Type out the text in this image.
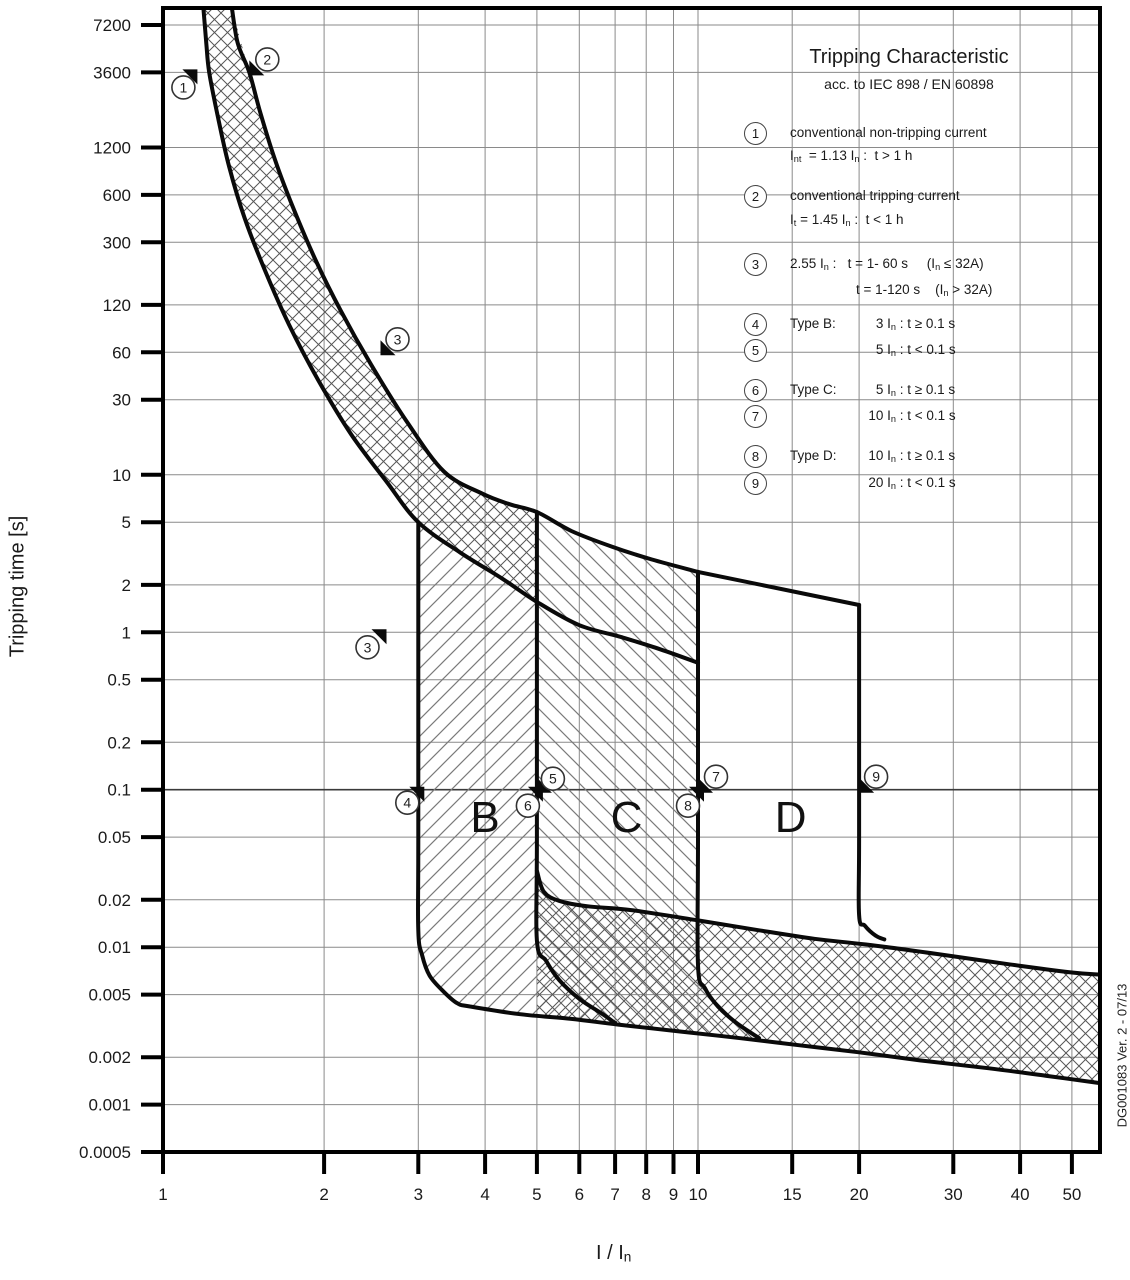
1	2	3	4 5 6 7 8 9 10	15	20	30	40 50
7200
3600
1200
600
300
120
60
30
10
5
2
1
0.5
0.2
0.1
0.05
0.02
0.01
0.005
0.002
0.001
0.0005
B	C	D
1
2
3
3
4
5
6
7
8
9
Tripping Characteristic
acc. to IEC 898 / EN 60898
Tripping time [s]
I / $I_n$
DG001083 Ver. 2 - 07/13
1	conventional non-tripping current
$I_{nt} = 1.13$ $I_n$ :  t > 1 h
2	conventional tripping current
$I_t = 1.45$ $I_n$ :  t < 1 h
3	2.55 $I_n$ :   t = 1- 60 s     $(I_n \le 32A)$
t = 1-120 s    $(I_n > 32A)$
4	Type B:	3 $I_n$ : t ≥ 0.1 s
5	5 $I_n$ : t < 0.1 s
6	Type C:	5 $I_n$ : t ≥ 0.1 s
7	10 $I_n$ : t < 0.1 s
8	Type D:	10 $I_n$ : t ≥ 0.1 s
9	20 $I_n$ : t < 0.1 s
